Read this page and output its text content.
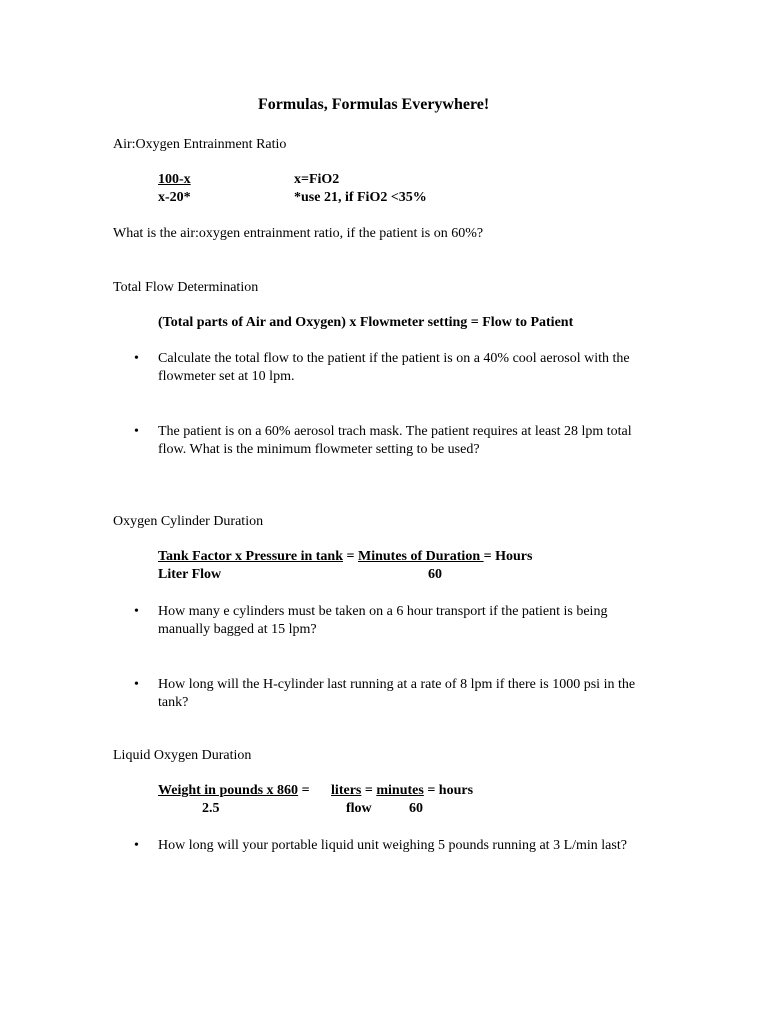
Formulas, Formulas Everywhere!
Air:Oxygen Entrainment Ratio
100-x	x=FiO2
x-20*	*use 21, if FiO2 <35%
What is the air:oxygen entrainment ratio, if the patient is on 60%?
Total Flow Determination
(Total parts of Air and Oxygen) x Flowmeter setting = Flow to Patient
• Calculate the total flow to the patient if the patient is on a 40% cool aerosol with the flowmeter set at 10 lpm.
• The patient is on a 60% aerosol trach mask. The patient requires at least 28 lpm total flow. What is the minimum flowmeter setting to be used?
Oxygen Cylinder Duration
Tank Factor x Pressure in tank = Minutes of Duration = Hours
Liter Flow	60
• How many e cylinders must be taken on a 6 hour transport if the patient is being manually bagged at 15 lpm?
• How long will the H-cylinder last running at a rate of 8 lpm if there is 1000 psi in the tank?
Liquid Oxygen Duration
Weight in pounds x 860 = liters = minutes = hours
2.5	flow	60
• How long will your portable liquid unit weighing 5 pounds running at 3 L/min last?
